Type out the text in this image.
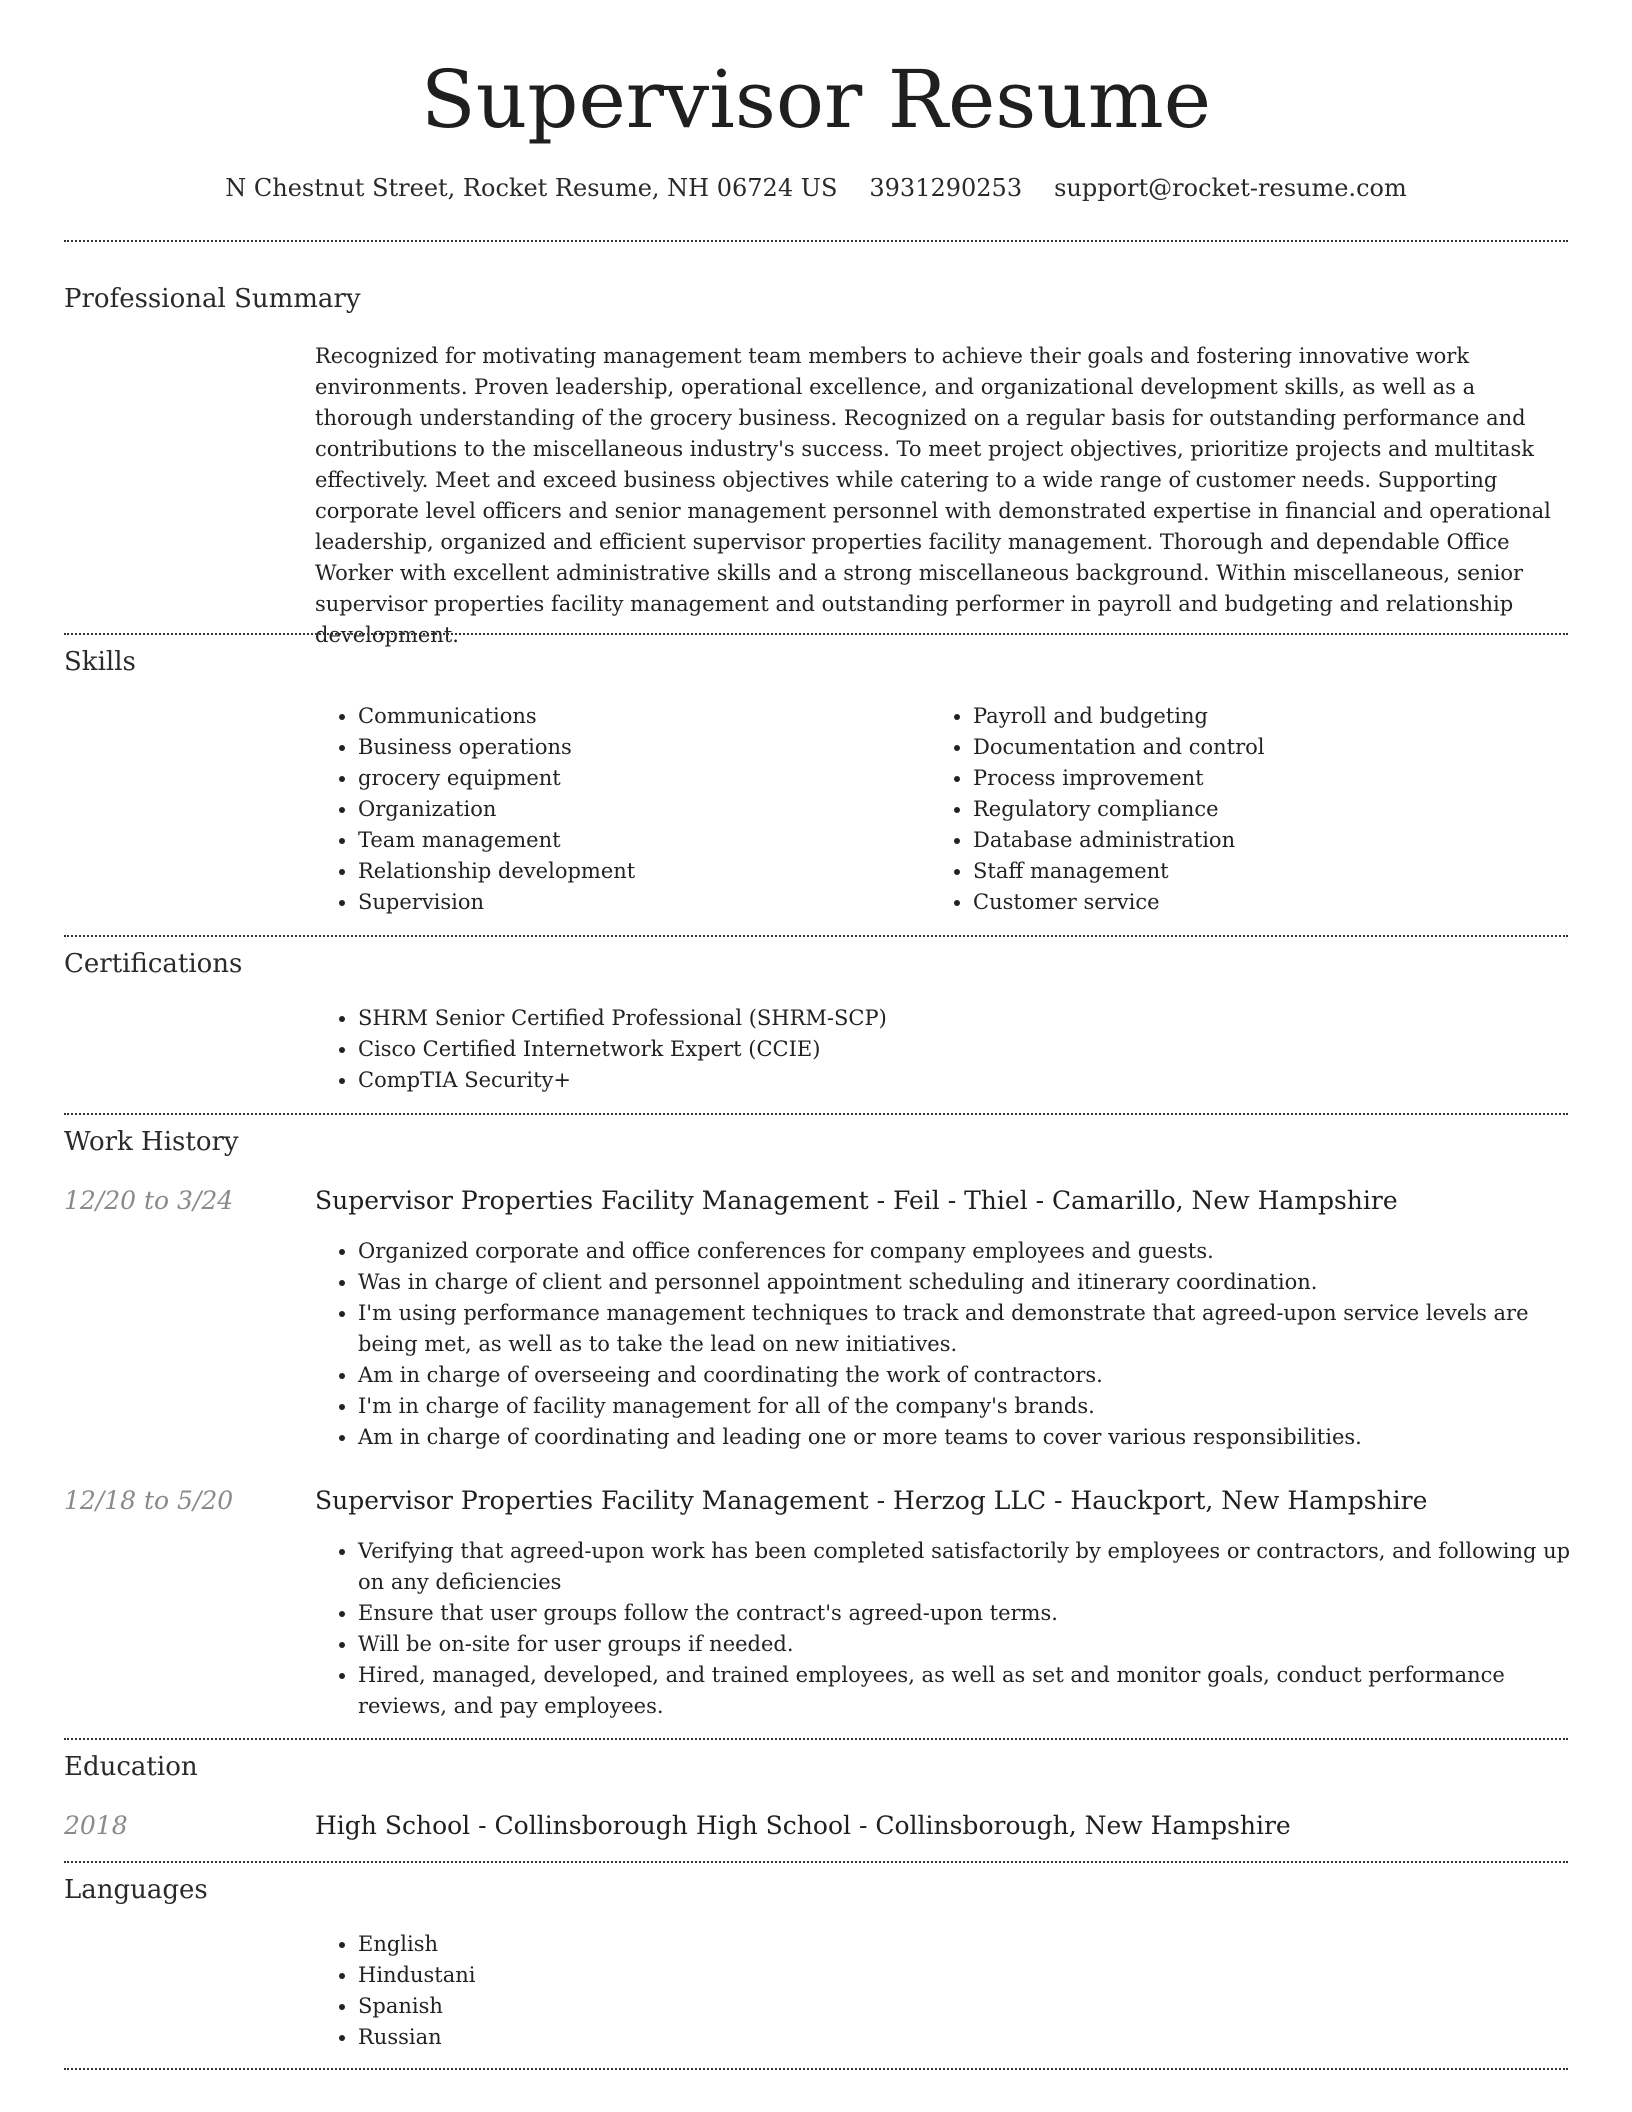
Supervisor Resume
N Chestnut Street, Rocket Resume, NH 06724 US 3931290253 support@rocket-resume.com
Professional Summary

Recognized for motivating management team members to achieve their goals and fostering innovative work environments. Proven leadership, operational excellence, and organizational development skills, as well as a thorough understanding of the grocery business. Recognized on a regular basis for outstanding performance and contributions to the miscellaneous industry's success. To meet project objectives, prioritize projects and multitask effectively. Meet and exceed business objectives while catering to a wide range of customer needs. Supporting corporate level officers and senior management personnel with demonstrated expertise in financial and operational leadership, organized and efficient supervisor properties facility management. Thorough and dependable Office Worker with excellent administrative skills and a strong miscellaneous background. Within miscellaneous, senior supervisor properties facility management and outstanding performer in payroll and budgeting and relationship development.

Skills
• Communications
• Business operations
• grocery equipment
• Organization
• Team management
• Relationship development
• Supervision
• Payroll and budgeting
• Documentation and control
• Process improvement
• Regulatory compliance
• Database administration
• Staff management
• Customer service
Certifications
• SHRM Senior Certified Professional (SHRM-SCP)
• Cisco Certified Internetwork Expert (CCIE)
• CompTIA Security+
Work History
12/20 to 3/24	Supervisor Properties Facility Management - Feil - Thiel - Camarillo, New Hampshire
• Organized corporate and office conferences for company employees and guests.
• Was in charge of client and personnel appointment scheduling and itinerary coordination.
• I'm using performance management techniques to track and demonstrate that agreed-upon service levels are being met, as well as to take the lead on new initiatives.
• Am in charge of overseeing and coordinating the work of contractors.
• I'm in charge of facility management for all of the company's brands.
• Am in charge of coordinating and leading one or more teams to cover various responsibilities.
12/18 to 5/20	Supervisor Properties Facility Management - Herzog LLC - Hauckport, New Hampshire
• Verifying that agreed-upon work has been completed satisfactorily by employees or contractors, and following up on any deficiencies
• Ensure that user groups follow the contract's agreed-upon terms.
• Will be on-site for user groups if needed.
• Hired, managed, developed, and trained employees, as well as set and monitor goals, conduct performance reviews, and pay employees.
Education
2018	High School - Collinsborough High School - Collinsborough, New Hampshire
Languages
• English
• Hindustani
• Spanish
• Russian
